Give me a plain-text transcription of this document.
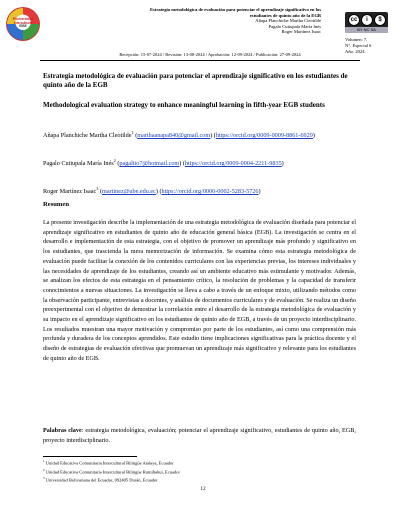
Pluriversidad
Intercultural
EIBE
Estrategia metodológica de evaluación para potenciar el aprendizaje significativo en los
estudiantes de quinto año de la EGB
Añapa Planchiche Martha Cleotilde
Pagalo Cutiupala María Inés
Roger Martínez Isaac
cc	i	$
BY NC SA
Volumen: 7,
N°. Especial 6
Año: 2024
Recepción: 15-07-2024 / Revisión: 13-08-2024 / Aprobación: 12-09-2024 / Publicación: 27-09-2024
Estrategia metodológica de evaluación para potenciar el aprendizaje significativo en los estudiantes de quinto año de la EGB
Methodological evaluation strategy to enhance meaningful learning in fifth-year EGB students
Añapa Planchiche Martha Cleotilde$^1$ (marthaanapa840@gmail.com) (https://orcid.org/0009-0009-8861-6929)
Pagalo Cutiupala María Inés$^2$ (pagalito7@hotmail.com) (https://orcid.org/0009-0004-2211-9835)
Roger Martínez Isaac$^3$ (martinez@ube.edu.ec) (https://orcid.org/0000-0002-5283-5726)
Resumen
La presente investigación describe la implementación de una estrategia metodológica de evaluación diseñada para potenciar el aprendizaje significativo en estudiantes de quinto año de educación general básica (EGB). La investigación se centra en el desarrollo e implementación de esta estrategia, con el objetivo de promover un aprendizaje más profundo y significativo en los estudiantes, que trascienda la mera memorización de información. Se examina cómo esta estrategia metodológica de evaluación puede facilitar la conexión de los contenidos curriculares con las experiencias previas, los intereses individuales y las necesidades de aprendizaje de los estudiantes, creando así un ambiente educativo más estimulante y motivador. Además, se analizan los efectos de esta estrategia en el pensamiento crítico, la resolución de problemas y la capacidad de transferir conocimientos a nuevas situaciones. La investigación se lleva a cabo a través de un enfoque mixto, utilizando métodos como la observación participante, entrevistas a docentes, y análisis de documentos curriculares y de evaluación. Se realiza un diseño preexperimental con el objetivo de demostrar la correlación entre el desarrollo de la estrategia metodológica de evaluación y su impacto en el aprendizaje significativo en los estudiantes de quinto año de EGB, a través de un proyecto interdisciplinario. Los resultados muestran una mayor motivación y compromiso por parte de los estudiantes, así como una comprensión más profunda y duradera de los conceptos aprendidos. Este estudio tiene implicaciones significativas para la práctica docente y el diseño de estrategias de evaluación efectivas que promuevan un aprendizaje más significativo y relevante para los estudiantes de quinto año de EGB.
Palabras clave: estrategia metodológica, evaluación; potenciar el aprendizaje significativo, estudiantes de quinto año, EGB, proyecto interdisciplinario.
$^1$ Unidad Educativa Comunitaria Intercultural Bilingüe Atalaya, Ecuador
$^2$ Unidad Educativa Comunitaria Intercultural Bilingüe Rumiñahui, Ecuador
$^3$ Universidad Bolivariana del Ecuador, 092405 Durán, Ecuador
12
